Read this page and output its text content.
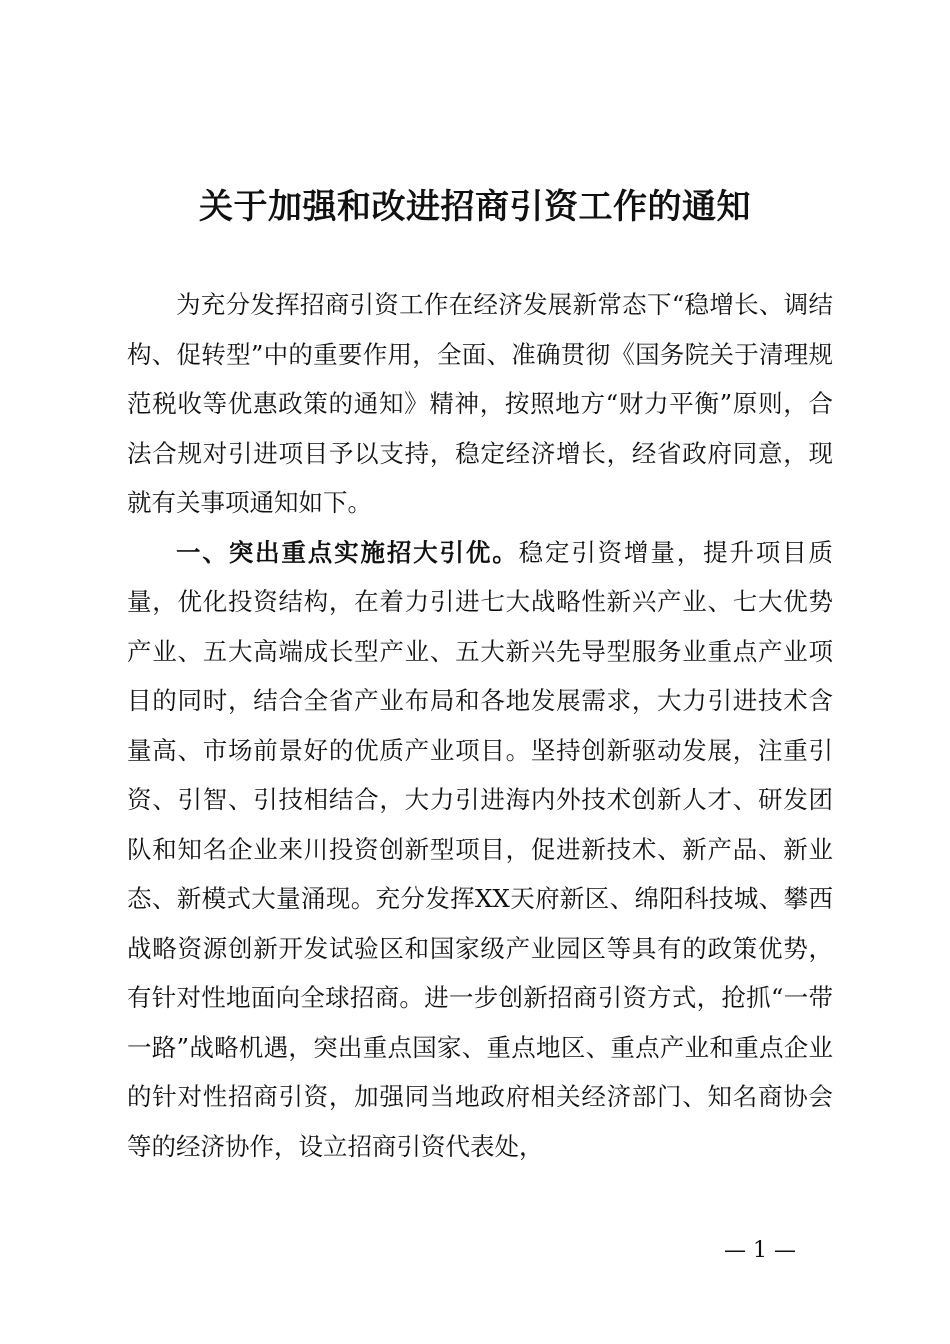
关于加强和改进招商引资工作的通知

为充分发挥招商引资工作在经济发展新常态下“稳增长、调结构、促转型”中的重要作用，全面、准确贯彻《国务院关于清理规范税收等优惠政策的通知》精神，按照地方“财力平衡”原则，合法合规对引进项目予以支持，稳定经济增长，经省政府同意，现就有关事项通知如下。

一、突出重点实施招大引优。稳定引资增量，提升项目质量，优化投资结构，在着力引进七大战略性新兴产业、七大优势产业、五大高端成长型产业、五大新兴先导型服务业重点产业项目的同时，结合全省产业布局和各地发展需求，大力引进技术含量高、市场前景好的优质产业项目。坚持创新驱动发展，注重引资、引智、引技相结合，大力引进海内外技术创新人才、研发团队和知名企业来川投资创新型项目，促进新技术、新产品、新业态、新模式大量涌现。充分发挥XX天府新区、绵阳科技城、攀西战略资源创新开发试验区和国家级产业园区等具有的政策优势，有针对性地面向全球招商。进一步创新招商引资方式，抢抓“一带一路”战略机遇，突出重点国家、重点地区、重点产业和重点企业的针对性招商引资，加强同当地政府相关经济部门、知名商协会等的经济协作，设立招商引资代表处，

— 1 —
